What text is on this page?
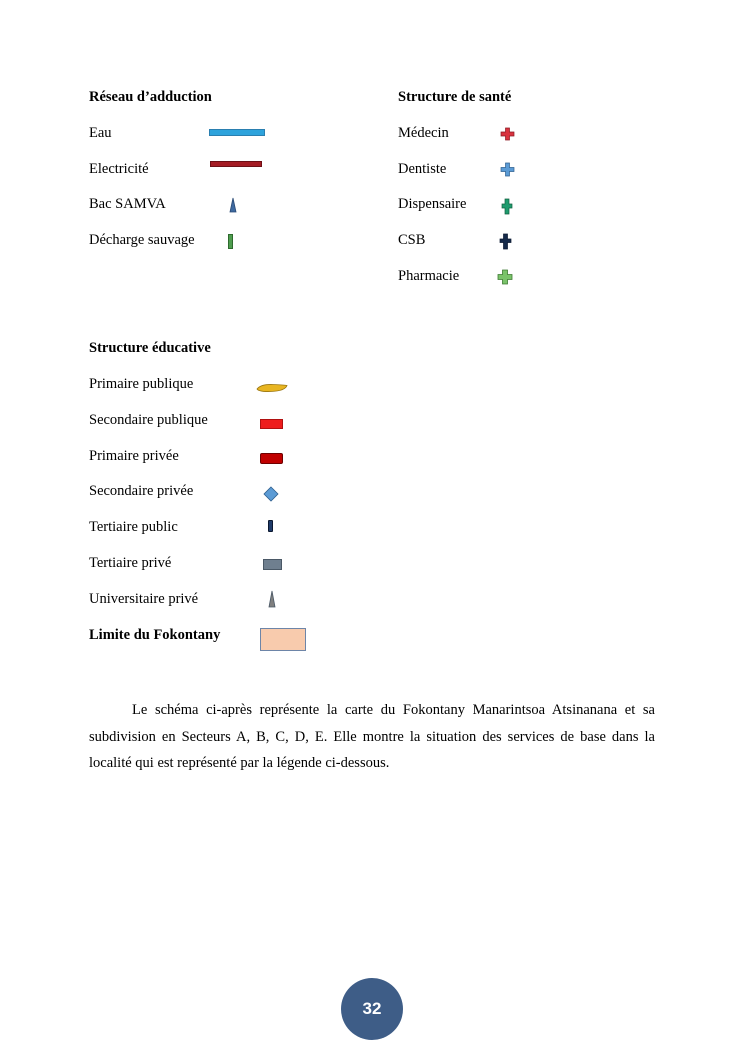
Réseau d’adduction
Eau
Electricité
Bac SAMVA
Décharge sauvage
Structure de santé
Médecin
Dentiste
Dispensaire
CSB
Pharmacie
Structure éducative
Primaire publique
Secondaire publique
Primaire privée
Secondaire privée
Tertiaire public
Tertiaire privé
Universitaire privé
Limite du Fokontany
Le schéma ci-après représente la carte du Fokontany Manarintsoa Atsinanana et sa subdivision en Secteurs A, B, C, D, E. Elle montre la situation des services de base dans la localité qui est représenté par la légende ci-dessous.
32
